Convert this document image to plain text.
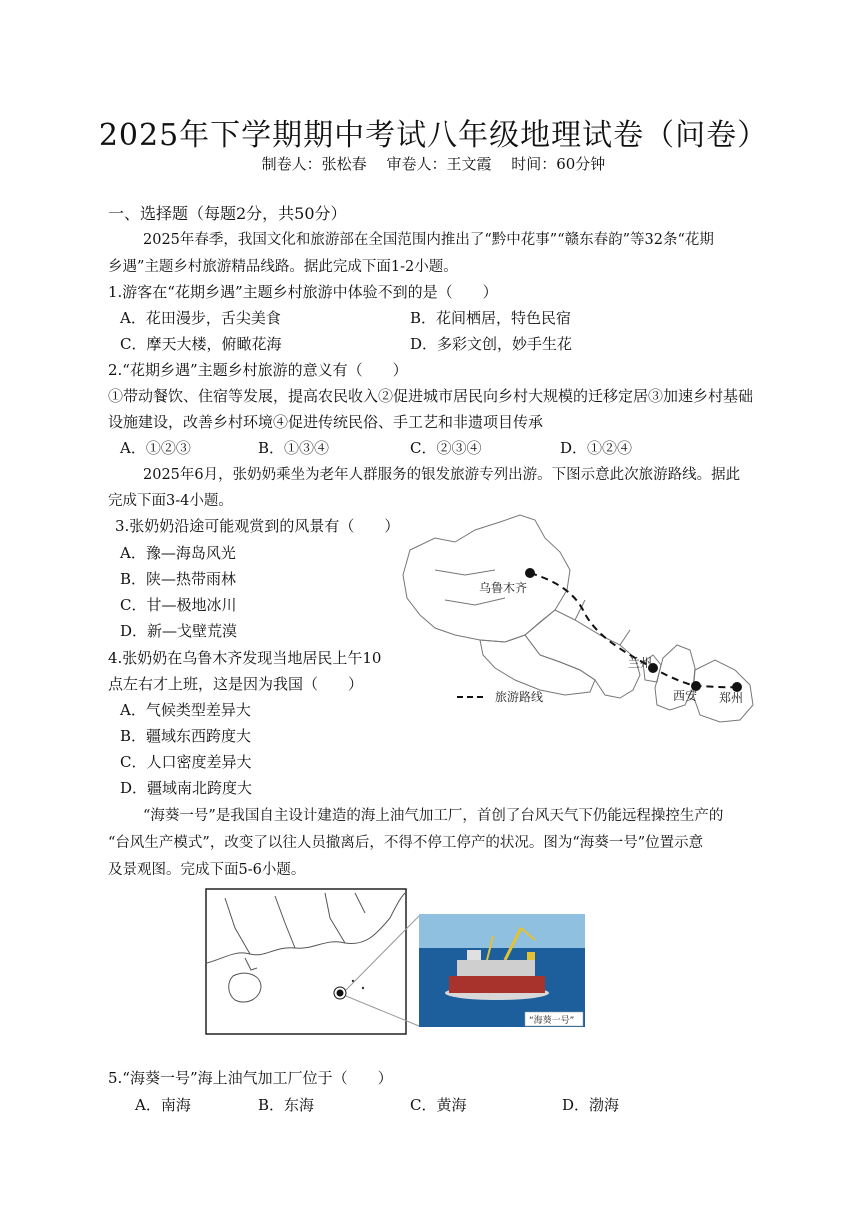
2025年下学期期中考试八年级地理试卷（问卷）
制卷人：张松春　 审卷人：王文霞　 时间：60分钟
一、选择题（每题2分，共50分）
2025年春季，我国文化和旅游部在全国范围内推出了“黔中花事”“赣东春韵”等32条“花期
乡遇”主题乡村旅游精品线路。据此完成下面1-2小题。
1.游客在“花期乡遇”主题乡村旅游中体验不到的是（　　）
A．花田漫步，舌尖美食	B．花间栖居，特色民宿
C．摩天大楼，俯瞰花海	D．多彩文创，妙手生花
2.“花期乡遇”主题乡村旅游的意义有（　　）
①带动餐饮、住宿等发展，提高农民收入②促进城市居民向乡村大规模的迁移定居③加速乡村基础
设施建设，改善乡村环境④促进传统民俗、手工艺和非遗项目传承
A．①②③	B．①③④	C．②③④	D．①②④
2025年6月，张奶奶乘坐为老年人群服务的银发旅游专列出游。下图示意此次旅游路线。据此
完成下面3-4小题。
3.张奶奶沿途可能观赏到的风景有（　　）
A．豫—海岛风光
B．陕—热带雨林
C．甘—极地冰川
D．新—戈壁荒漠
4.张奶奶在乌鲁木齐发现当地居民上午10
点左右才上班，这是因为我国（　　）
A．气候类型差异大
B．疆域东西跨度大
C．人口密度差异大
D．疆域南北跨度大
乌鲁木齐
兰州
西安 郑州
旅游路线
“海葵一号”是我国自主设计建造的海上油气加工厂，首创了台风天气下仍能远程操控生产的
“台风生产模式”，改变了以往人员撤离后，不得不停工停产的状况。图为“海葵一号”位置示意
及景观图。完成下面5-6小题。
“海葵一号”
5.“海葵一号”海上油气加工厂位于（　　）
A．南海	B．东海	C．黄海	D．渤海
